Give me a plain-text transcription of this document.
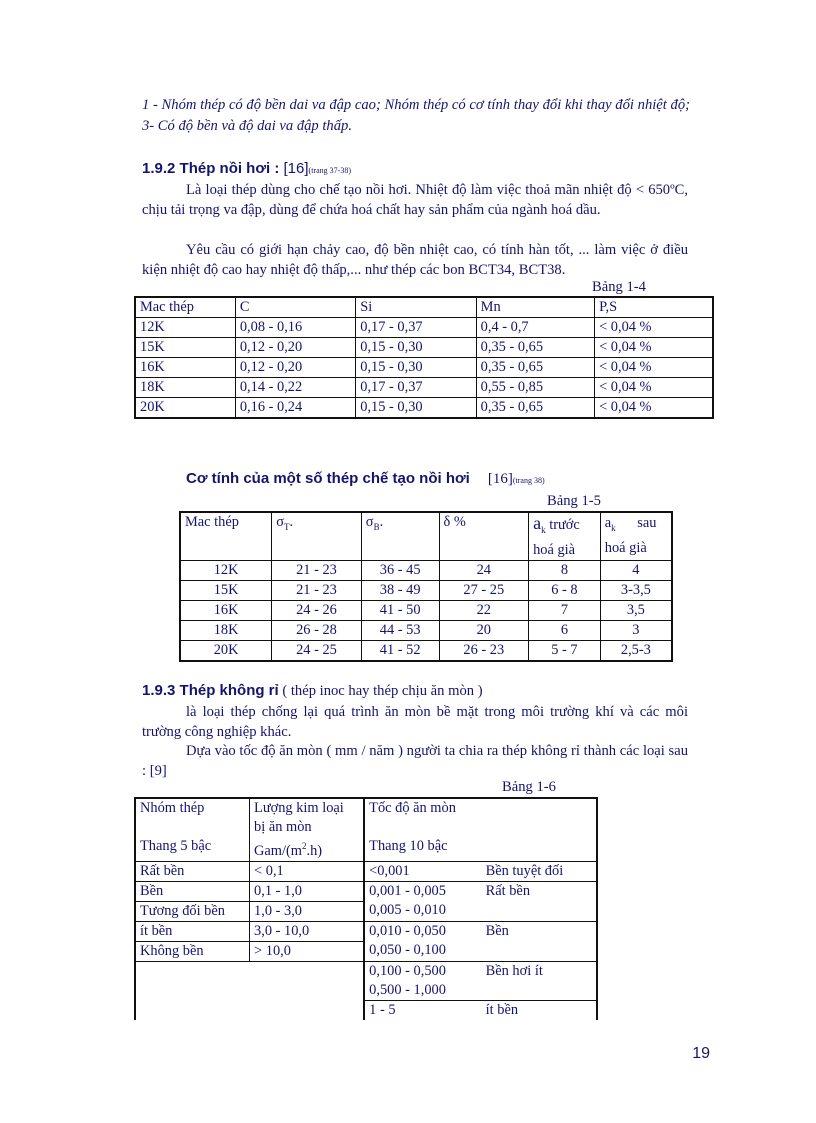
1 - Nhóm thép có độ bền dai va đập cao; Nhóm thép có cơ tính thay đổi khi thay đổi nhiệt độ; 3- Có độ bền và độ dai va đập thấp.
1.9.2 Thép nồi hơi : [16](trang 37-38)
Là loại thép dùng cho chế tạo nồi hơi. Nhiệt độ làm việc thoả mãn nhiệt độ < 650ºC, chịu tải trọng va đập, dùng để chứa hoá chất hay sản phẩm của ngành hoá dầu.
Yêu cầu có giới hạn chảy cao, độ bền nhiệt cao, có tính hàn tốt, ... làm việc ở điều kiện nhiệt độ cao hay nhiệt độ thấp,... như thép các bon BCT34, BCT38.
Bảng 1-4
Mac thép	C	Si	Mn	P,S
12K	0,08 - 0,16	0,17 - 0,37	0,4 - 0,7	< 0,04 %
15K	0,12 - 0,20	0,15 - 0,30	0,35 - 0,65	< 0,04 %
16K	0,12 - 0,20	0,15 - 0,30	0,35 - 0,65	< 0,04 %
18K	0,14 - 0,22	0,17 - 0,37	0,55 - 0,85	< 0,04 %
20K	0,16 - 0,24	0,15 - 0,30	0,35 - 0,65	< 0,04 %
Cơ tính của một số thép chế tạo nồi hơi [16](trang 38)
Bảng 1-5
Mac thép	$\sigma_T$.	$\sigma_B$.	δ %	$a_k$ trước hoá già	$a_k$      sau hoá già
12K	21 - 23	36 - 45	24	8	4
15K	21 - 23	38 - 49	27 - 25	6 - 8	3-3,5
16K	24 - 26	41 - 50	22	7	3,5
18K	26 - 28	44 - 53	20	6	3
20K	24 - 25	41 - 52	26 - 23	5 - 7	2,5-3
1.9.3 Thép không rỉ ( thép inoc hay thép chịu ăn mòn )
là loại thép chống lại quá trình ăn mòn bề mặt trong môi trường khí và các môi trường công nghiệp khác.
Dựa vào tốc độ ăn mòn ( mm / năm ) người ta chia ra thép không rỉ thành các loại sau : [9]
Bảng 1-6
Nhóm thép	Lượng kim loại	Tốc độ ăn mòn	
	bị ăn mòn		
Thang 5 bậc	Gam/$(m^2.h)$	Thang 10 bậc	
Rất bền	< 0,1	<0,001	Bền tuyệt đối
Bền	0,1 - 1,0	0,001 - 0,005	Rất bền
Tương đối bền	1,0 - 3,0	0,005 - 0,010	
ít bền	3,0 - 10,0	0,010 - 0,050	Bền
Không bền	> 10,0	0,050 - 0,100	
		0,100 - 0,500	Bền hơi ít
		0,500 - 1,000	
		1 - 5	ít bền
19
